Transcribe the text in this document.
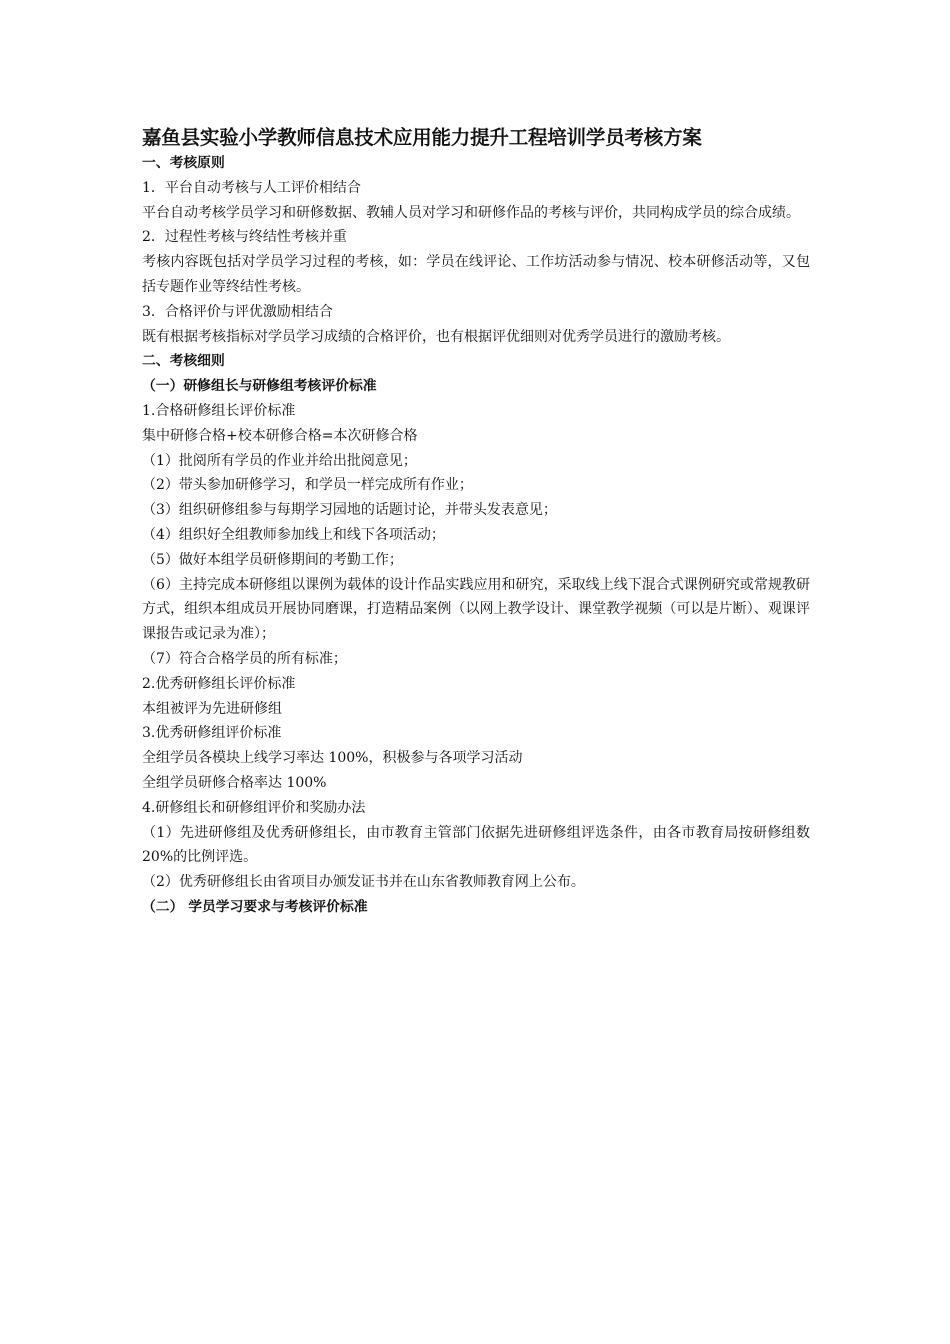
嘉鱼县实验小学教师信息技术应用能力提升工程培训学员考核方案

一、考核原则

1．平台自动考核与人工评价相结合

平台自动考核学员学习和研修数据、教辅人员对学习和研修作品的考核与评价，共同构成学员的综合成绩。

2．过程性考核与终结性考核并重

考核内容既包括对学员学习过程的考核，如：学员在线评论、工作坊活动参与情况、校本研修活动等，又包括专题作业等终结性考核。

3．合格评价与评优激励相结合

既有根据考核指标对学员学习成绩的合格评价，也有根据评优细则对优秀学员进行的激励考核。

二、考核细则

（一）研修组长与研修组考核评价标准

1.合格研修组长评价标准

集中研修合格+校本研修合格=本次研修合格

（1）批阅所有学员的作业并给出批阅意见；

（2）带头参加研修学习，和学员一样完成所有作业；

（3）组织研修组参与每期学习园地的话题讨论，并带头发表意见；

（4）组织好全组教师参加线上和线下各项活动；

（5）做好本组学员研修期间的考勤工作；

（6）主持完成本研修组以课例为载体的设计作品实践应用和研究，采取线上线下混合式课例研究或常规教研方式，组织本组成员开展协同磨课，打造精品案例（以网上教学设计、课堂教学视频（可以是片断）、观课评课报告或记录为准）；

（7）符合合格学员的所有标准；

2.优秀研修组长评价标准

本组被评为先进研修组

3.优秀研修组评价标准

全组学员各模块上线学习率达 100%，积极参与各项学习活动

全组学员研修合格率达 100%

4.研修组长和研修组评价和奖励办法

（1）先进研修组及优秀研修组长，由市教育主管部门依据先进研修组评选条件，由各市教育局按研修组数 20%的比例评选。

（2）优秀研修组长由省项目办颁发证书并在山东省教师教育网上公布。

（二） 学员学习要求与考核评价标准
